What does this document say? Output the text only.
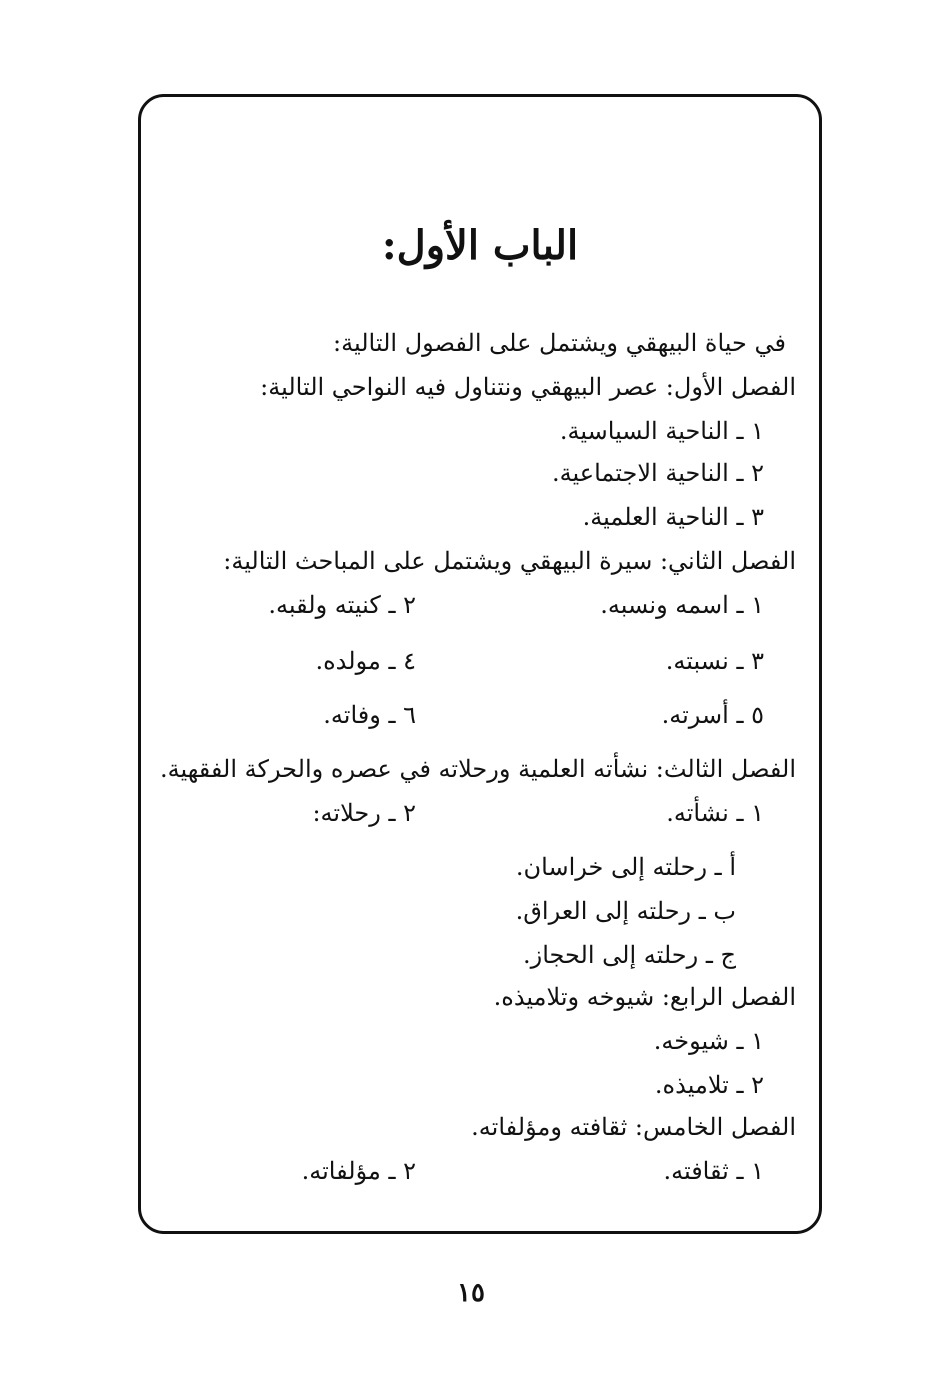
الباب الأول:
في حياة البيهقي ويشتمل على الفصول التالية:
الفصل الأول: عصر البيهقي ونتناول فيه النواحي التالية:
١ ـ الناحية السياسية.
٢ ـ الناحية الاجتماعية.
٣ ـ الناحية العلمية.
الفصل الثاني: سيرة البيهقي ويشتمل على المباحث التالية:
١ ـ اسمه ونسبه.
٢ ـ كنيته ولقبه.
٣ ـ نسبته.
٤ ـ مولده.
٥ ـ أسرته.
٦ ـ وفاته.
الفصل الثالث: نشأته العلمية ورحلاته في عصره والحركة الفقهية.
١ ـ نشأته.
٢ ـ رحلاته:
أ ـ رحلته إلى خراسان.
ب ـ رحلته إلى العراق.
ج ـ رحلته إلى الحجاز.
الفصل الرابع: شيوخه وتلاميذه.
١ ـ شيوخه.
٢ ـ تلاميذه.
الفصل الخامس: ثقافته ومؤلفاته.
١ ـ ثقافته.
٢ ـ مؤلفاته.
١٥
